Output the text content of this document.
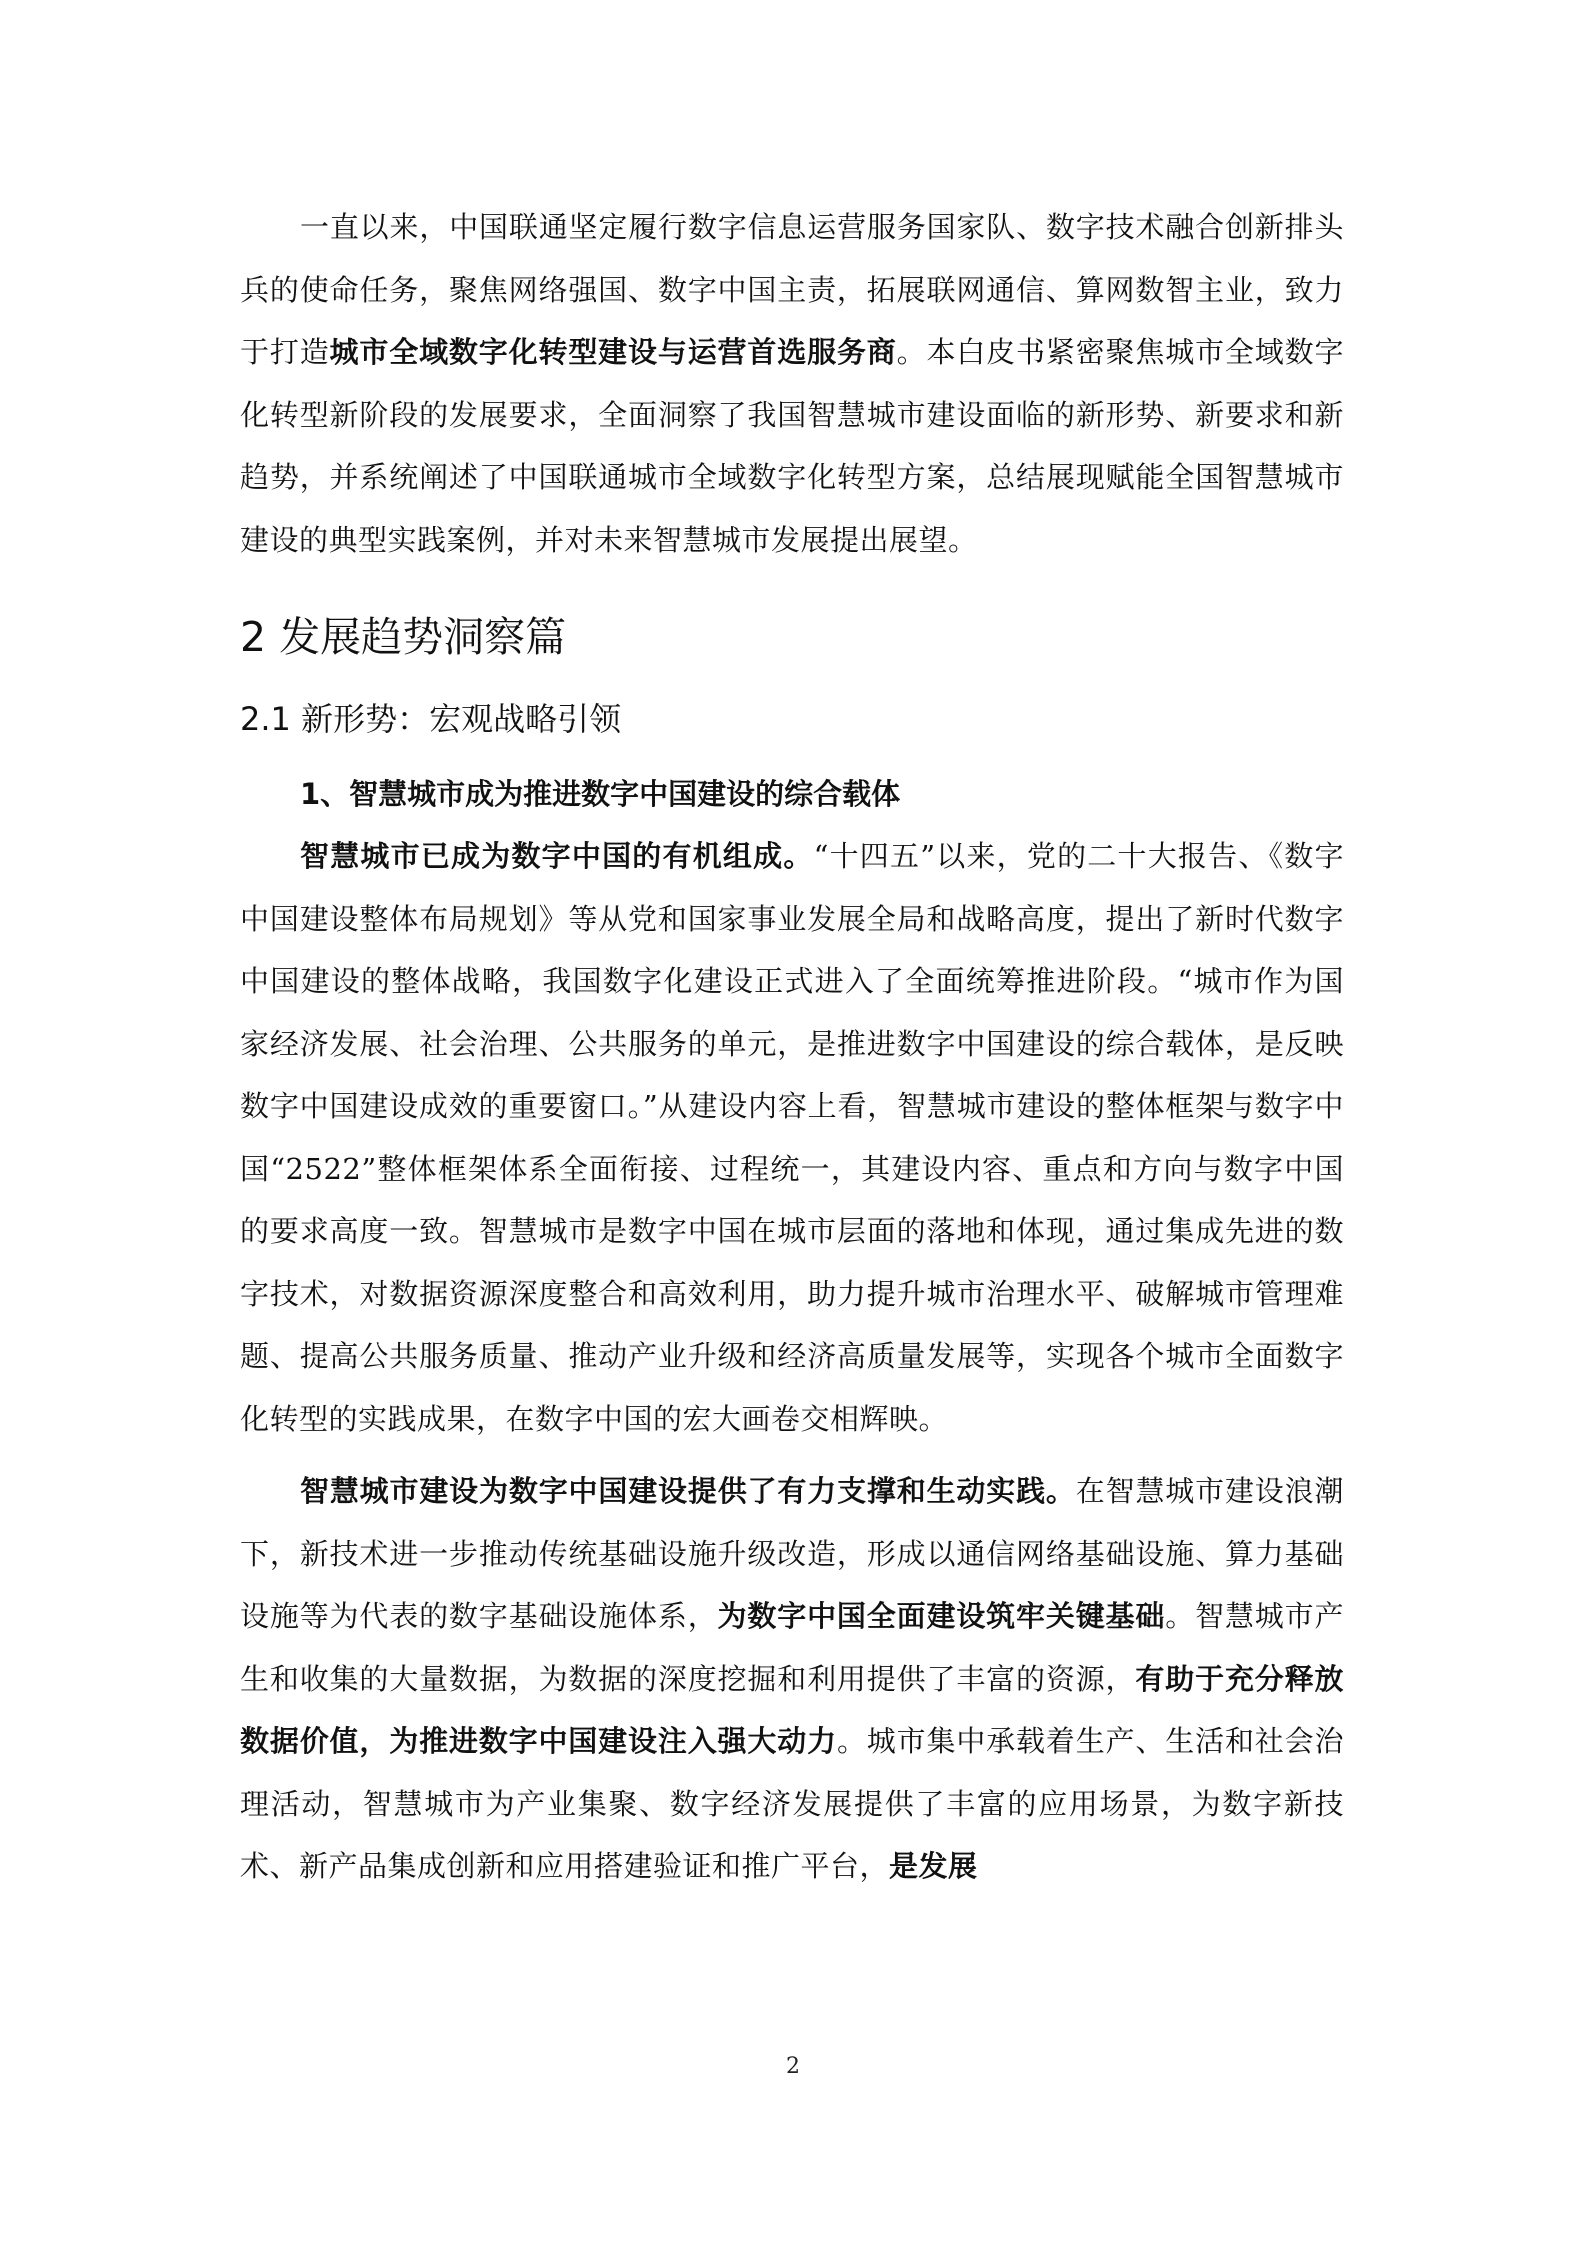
一直以来，中国联通坚定履行数字信息运营服务国家队、数字技术融合创新排头兵的使命任务，聚焦网络强国、数字中国主责，拓展联网通信、算网数智主业，致力于打造城市全域数字化转型建设与运营首选服务商。本白皮书紧密聚焦城市全域数字化转型新阶段的发展要求，全面洞察了我国智慧城市建设面临的新形势、新要求和新趋势，并系统阐述了中国联通城市全域数字化转型方案，总结展现赋能全国智慧城市建设的典型实践案例，并对未来智慧城市发展提出展望。

2 发展趋势洞察篇
2.1 新形势：宏观战略引领
1、智慧城市成为推进数字中国建设的综合载体

智慧城市已成为数字中国的有机组成。“十四五”以来，党的二十大报告、《数字中国建设整体布局规划》等从党和国家事业发展全局和战略高度，提出了新时代数字中国建设的整体战略，我国数字化建设正式进入了全面统筹推进阶段。“城市作为国家经济发展、社会治理、公共服务的单元，是推进数字中国建设的综合载体，是反映数字中国建设成效的重要窗口。”从建设内容上看，智慧城市建设的整体框架与数字中国“2522”整体框架体系全面衔接、过程统一，其建设内容、重点和方向与数字中国的要求高度一致。智慧城市是数字中国在城市层面的落地和体现，通过集成先进的数字技术，对数据资源深度整合和高效利用，助力提升城市治理水平、破解城市管理难题、提高公共服务质量、推动产业升级和经济高质量发展等，实现各个城市全面数字化转型的实践成果，在数字中国的宏大画卷交相辉映。

智慧城市建设为数字中国建设提供了有力支撑和生动实践。在智慧城市建设浪潮下，新技术进一步推动传统基础设施升级改造，形成以通信网络基础设施、算力基础设施等为代表的数字基础设施体系，为数字中国全面建设筑牢关键基础。智慧城市产生和收集的大量数据，为数据的深度挖掘和利用提供了丰富的资源，有助于充分释放数据价值，为推进数字中国建设注入强大动力。城市集中承载着生产、生活和社会治理活动，智慧城市为产业集聚、数字经济发展提供了丰富的应用场景，为数字新技术、新产品集成创新和应用搭建验证和推广平台，是发展

2
